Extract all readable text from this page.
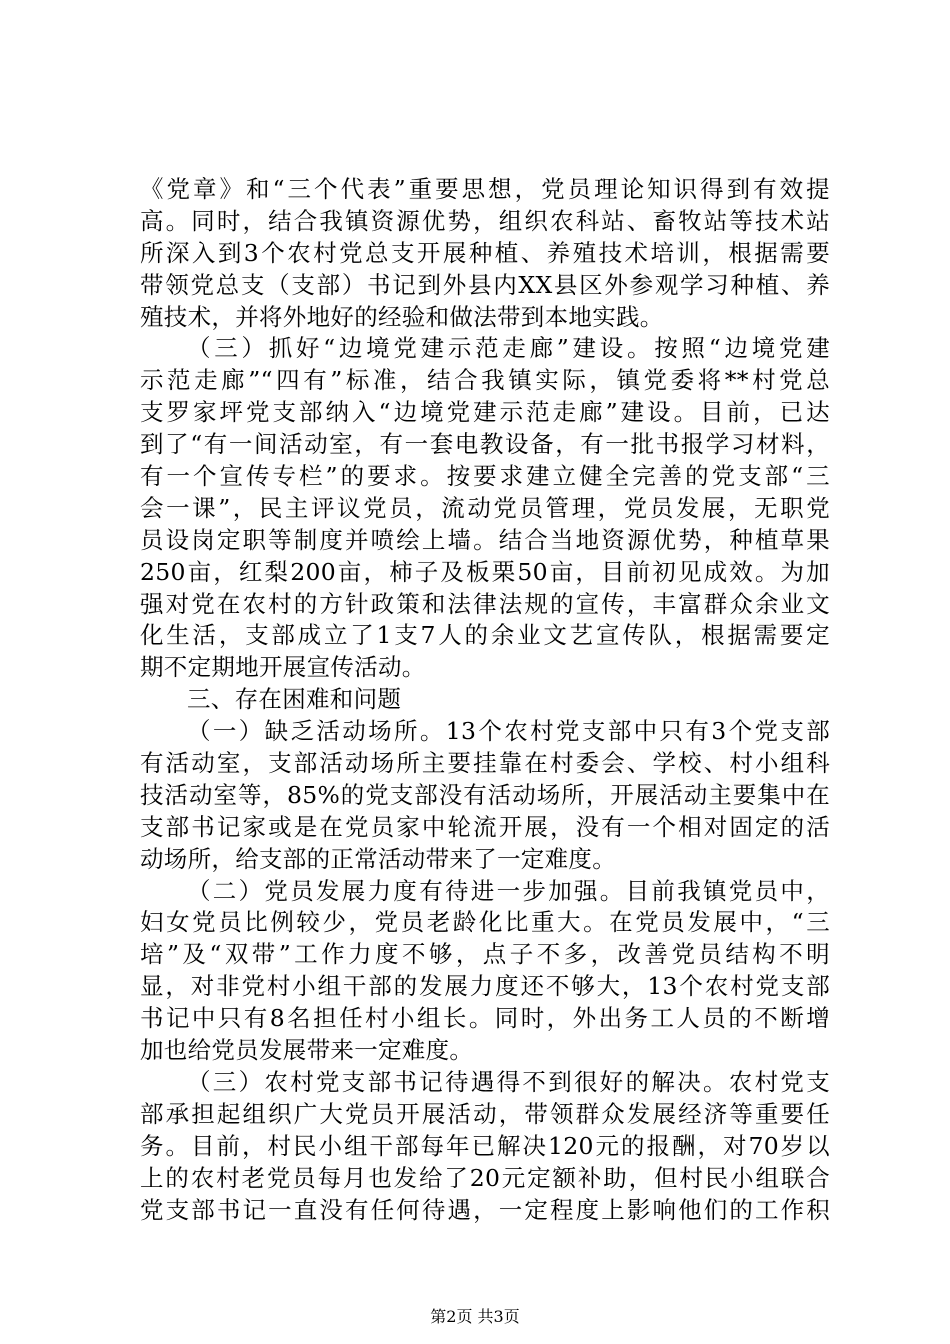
《党章》和“三个代表”重要思想，党员理论知识得到有效提
高。同时，结合我镇资源优势，组织农科站、畜牧站等技术站
所深入到3个农村党总支开展种植、养殖技术培训，根据需要
带领党总支（支部）书记到外县内XX县区外参观学习种植、养
殖技术，并将外地好的经验和做法带到本地实践。
（三）抓好“边境党建示范走廊”建设。按照“边境党建
示范走廊”“四有”标准，结合我镇实际，镇党委将**村党总
支罗家坪党支部纳入“边境党建示范走廊”建设。目前，已达
到了“有一间活动室，有一套电教设备，有一批书报学习材料，
有一个宣传专栏”的要求。按要求建立健全完善的党支部“三
会一课”，民主评议党员，流动党员管理，党员发展，无职党
员设岗定职等制度并喷绘上墙。结合当地资源优势，种植草果
250亩，红梨200亩，柿子及板栗50亩，目前初见成效。为加
强对党在农村的方针政策和法律法规的宣传，丰富群众余业文
化生活，支部成立了1支7人的余业文艺宣传队，根据需要定
期不定期地开展宣传活动。
三、存在困难和问题
（一）缺乏活动场所。13个农村党支部中只有3个党支部
有活动室，支部活动场所主要挂靠在村委会、学校、村小组科
技活动室等，85%的党支部没有活动场所，开展活动主要集中在
支部书记家或是在党员家中轮流开展，没有一个相对固定的活
动场所，给支部的正常活动带来了一定难度。
（二）党员发展力度有待进一步加强。目前我镇党员中，
妇女党员比例较少，党员老龄化比重大。在党员发展中，“三
培”及“双带”工作力度不够，点子不多，改善党员结构不明
显，对非党村小组干部的发展力度还不够大，13个农村党支部
书记中只有8名担任村小组长。同时，外出务工人员的不断增
加也给党员发展带来一定难度。
（三）农村党支部书记待遇得不到很好的解决。农村党支
部承担起组织广大党员开展活动，带领群众发展经济等重要任
务。目前，村民小组干部每年已解决120元的报酬，对70岁以
上的农村老党员每月也发给了20元定额补助，但村民小组联合
党支部书记一直没有任何待遇，一定程度上影响他们的工作积
第2页 共3页
